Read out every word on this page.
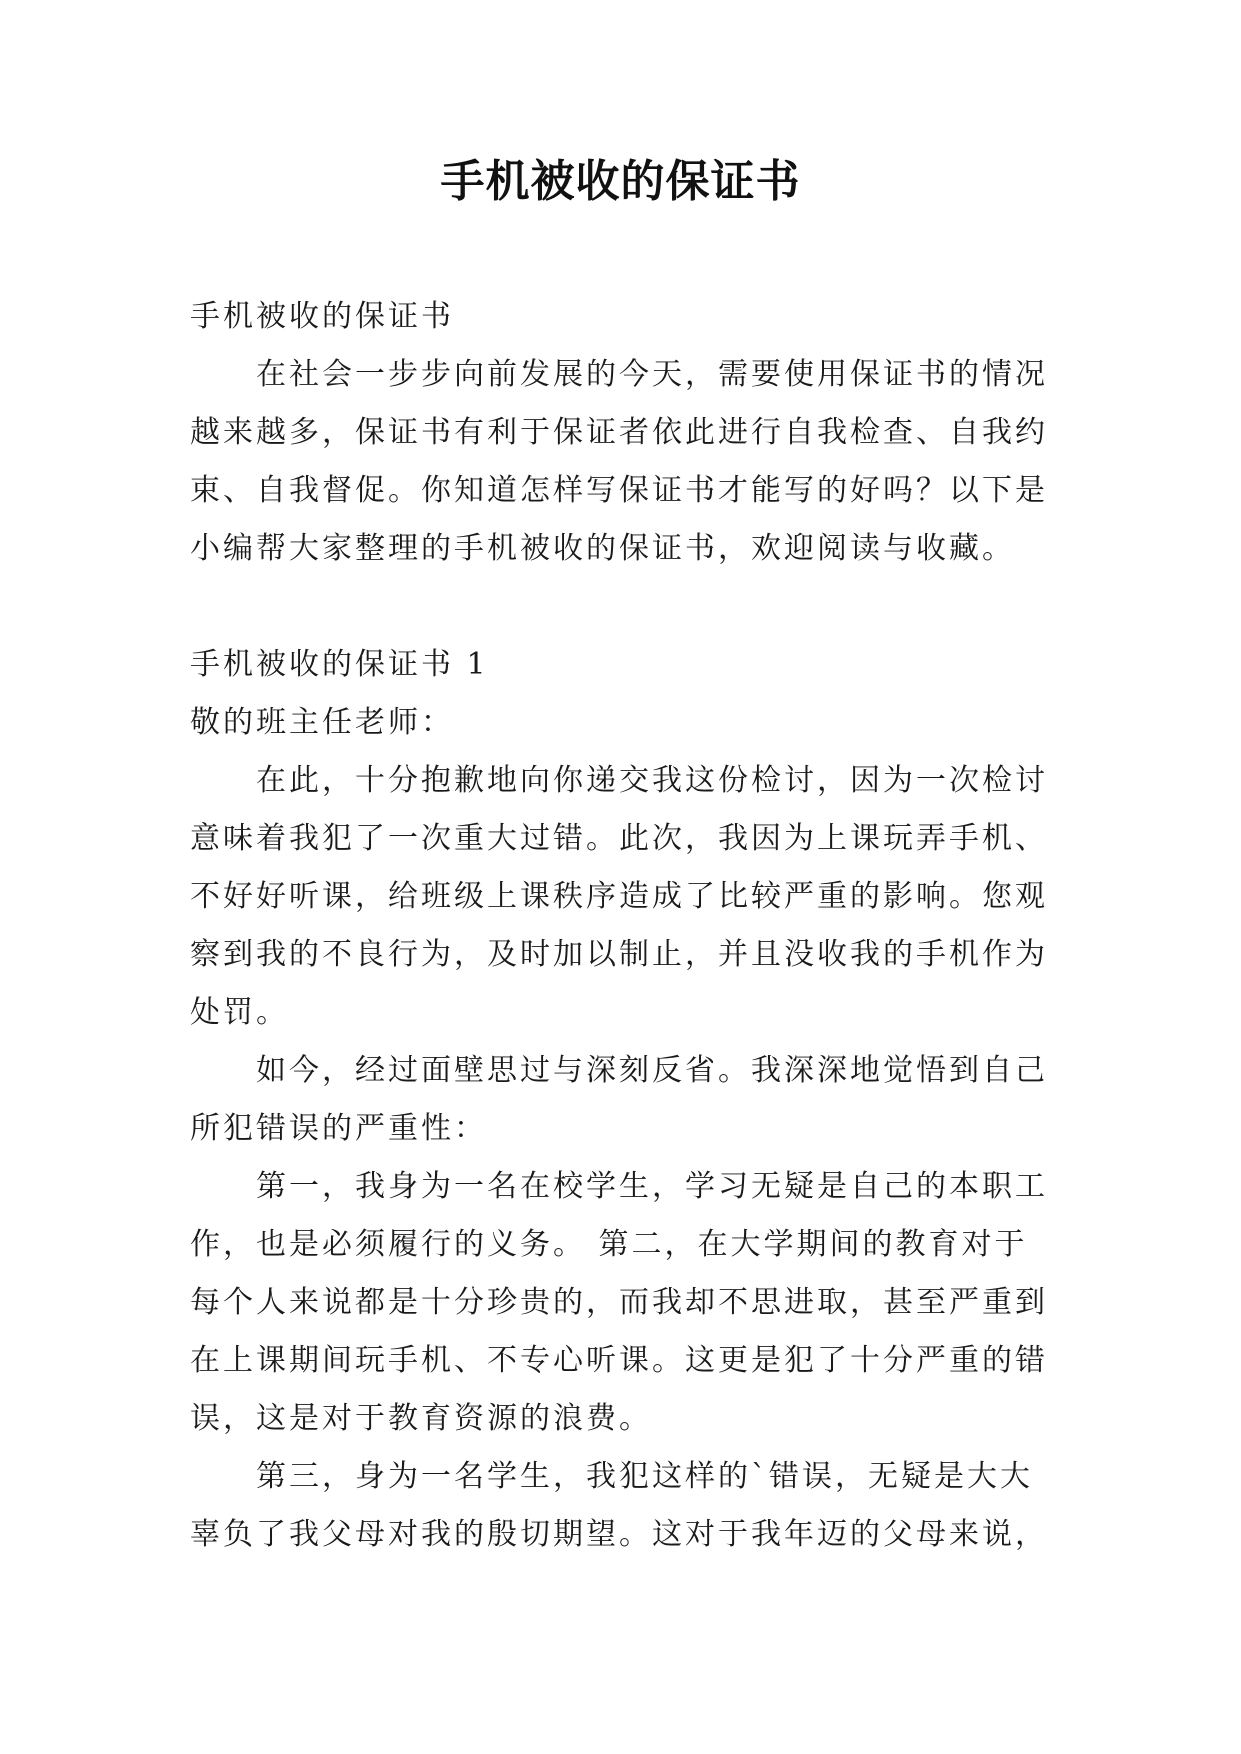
手机被收的保证书
手机被收的保证书
在社会一步步向前发展的今天，需要使用保证书的情况
越来越多，保证书有利于保证者依此进行自我检查、自我约
束、自我督促。你知道怎样写保证书才能写的好吗？以下是
小编帮大家整理的手机被收的保证书，欢迎阅读与收藏。
手机被收的保证书 1
敬的班主任老师：
在此，十分抱歉地向你递交我这份检讨，因为一次检讨
意味着我犯了一次重大过错。此次，我因为上课玩弄手机、
不好好听课，给班级上课秩序造成了比较严重的影响。您观
察到我的不良行为，及时加以制止，并且没收我的手机作为
处罚。
如今，经过面壁思过与深刻反省。我深深地觉悟到自己
所犯错误的严重性：
第一，我身为一名在校学生，学习无疑是自己的本职工
作，也是必须履行的义务。 第二，在大学期间的教育对于
每个人来说都是十分珍贵的，而我却不思进取，甚至严重到
在上课期间玩手机、不专心听课。这更是犯了十分严重的错
误，这是对于教育资源的浪费。
第三，身为一名学生，我犯这样的`错误，无疑是大大
辜负了我父母对我的殷切期望。这对于我年迈的父母来说，
